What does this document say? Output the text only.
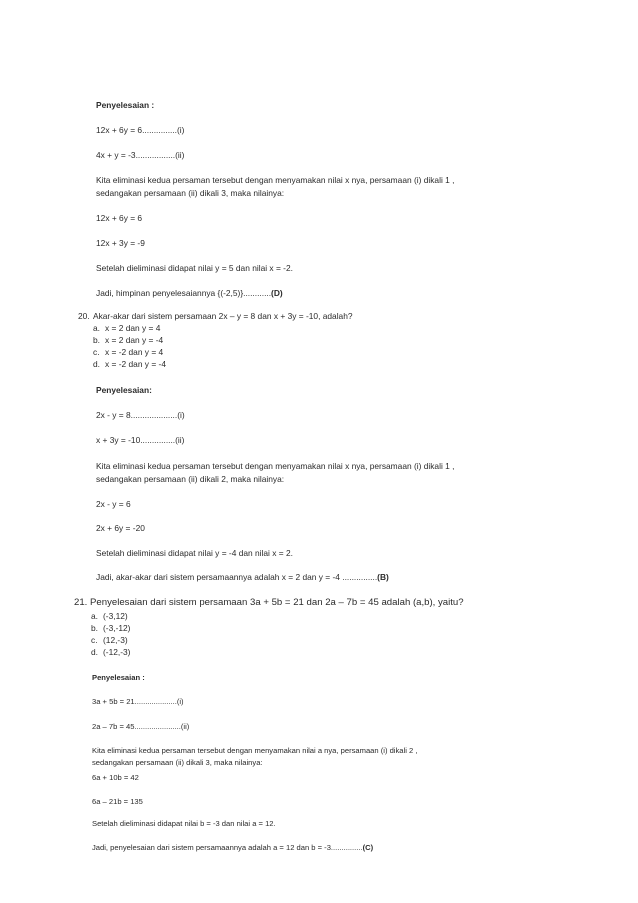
Penyelesaian :
12x + 6y = 6...............(i)
4x + y = -3.................(ii)
Kita eliminasi kedua persaman tersebut dengan menyamakan nilai x nya, persamaan (i) dikali 1 ,
sedangakan persamaan (ii) dikali 3, maka nilainya:
12x + 6y = 6
12x + 3y = -9
Setelah dieliminasi didapat nilai y = 5 dan nilai x = -2.
Jadi, himpinan penyelesaiannya {(-2,5)}............(D)
20. Akar-akar dari sistem persamaan 2x – y = 8 dan x + 3y = -10, adalah?
a. x = 2 dan y = 4
b. x = 2 dan y = -4
c. x = -2 dan y = 4
d. x = -2 dan y = -4
Penyelesaian:
2x - y = 8....................(i)
x + 3y = -10...............(ii)
Kita eliminasi kedua persaman tersebut dengan menyamakan nilai x nya, persamaan (i) dikali 1 ,
sedangakan persamaan (ii) dikali 2, maka nilainya:
2x - y = 6
2x + 6y = -20
Setelah dieliminasi didapat nilai y = -4 dan nilai x = 2.
Jadi, akar-akar dari sistem persamaannya adalah x = 2 dan y = -4 ...............(B)
21. Penyelesaian dari sistem persamaan 3a + 5b = 21 dan 2a – 7b = 45 adalah (a,b), yaitu?
a. (-3,12)
b. (-3,-12)
c. (12,-3)
d. (-12,-3)
Penyelesaian :
3a + 5b = 21....................(i)
2a – 7b = 45......................(ii)
Kita eliminasi kedua persaman tersebut dengan menyamakan nilai a nya, persamaan (i) dikali 2 ,
sedangakan persamaan (ii) dikali 3, maka nilainya:
6a + 10b = 42
6a – 21b = 135
Setelah dieliminasi didapat nilai b = -3 dan nilai a = 12.
Jadi, penyelesaian dari sistem persamaannya adalah a = 12 dan b = -3...............(C)
